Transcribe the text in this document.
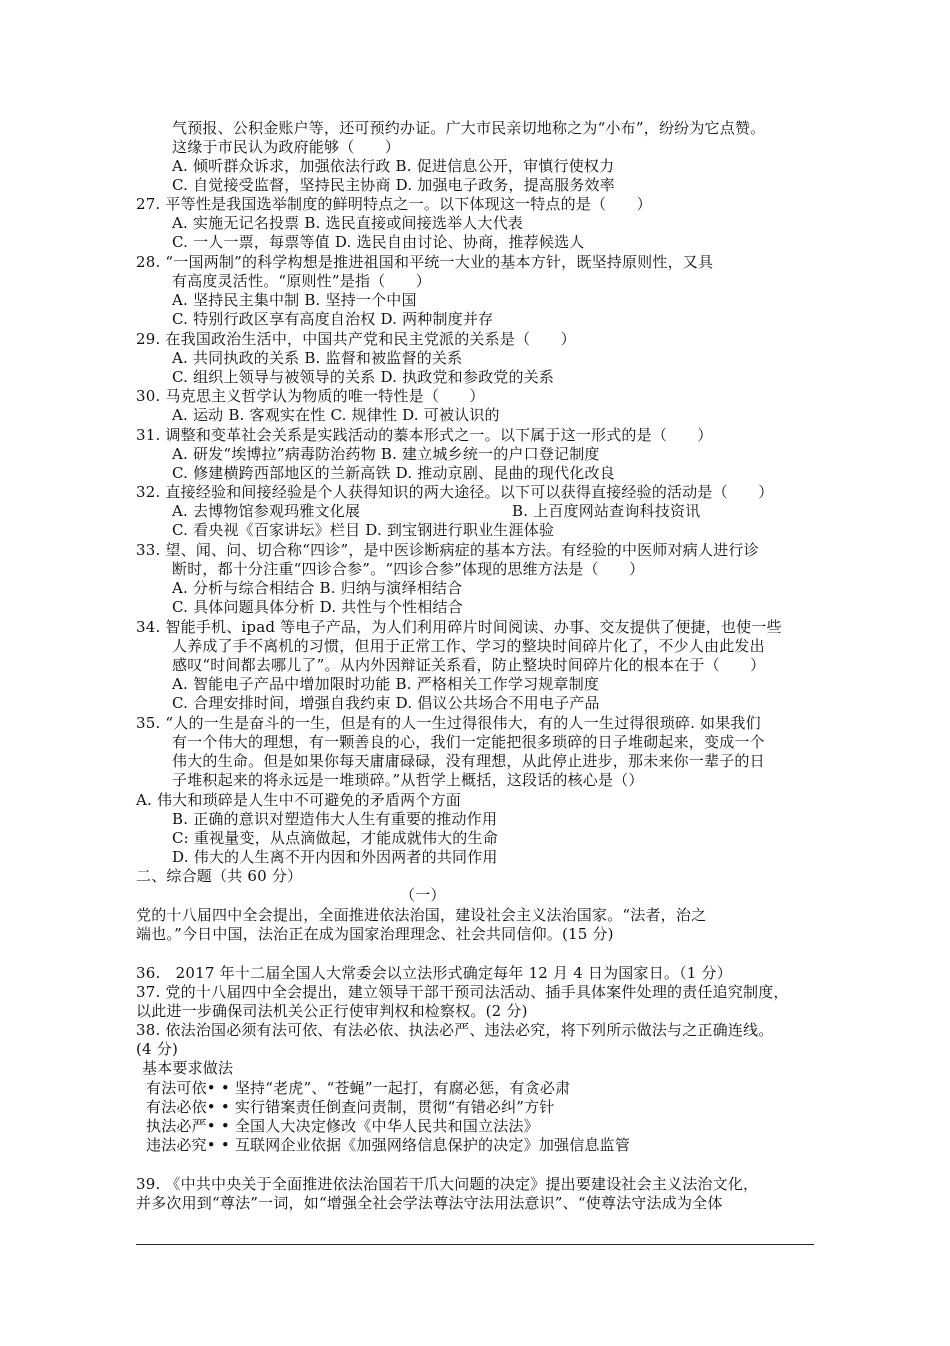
气预报、公积金账户等，还可预约办证。广大市民亲切地称之为“小布”，纷纷为它点赞。
这缘于市民认为政府能够（　　）
A. 倾听群众诉求，加强依法行政 B. 促进信息公开，审慎行使权力
C. 自觉接受监督，坚持民主协商 D. 加强电子政务，提高服务效率
27. 平等性是我国选举制度的鲜明特点之一。以下体现这一特点的是（　　）
A. 实施无记名投票 B. 选民直接或间接选举人大代表
C. 一人一票，每票等值 D. 选民自由讨论、协商，推荐候选人
28. “一国两制”的科学构想是推进祖国和平统一大业的基本方针，既坚持原则性，又具
有高度灵活性。“原则性”是指（　　）
A. 坚持民主集中制 B. 坚持一个中国
C. 特别行政区享有高度自治权 D. 两种制度并存
29. 在我国政治生活中，中国共产党和民主党派的关系是（　　）
A. 共同执政的关系 B. 监督和被监督的关系
C. 组织上领导与被领导的关系 D. 执政党和参政党的关系
30. 马克思主义哲学认为物质的唯一特性是（　　）
A. 运动 B. 客观实在性 C. 规律性 D. 可被认识的
31. 调整和变革社会关系是实践活动的蓁本形式之一。以下属于这一形式的是（　　）
A. 研发“埃博拉”病毒防治药物 B. 建立城乡统一的户口登记制度
C. 修建横跨西部地区的兰新高铁 D. 推动京剧、昆曲的现代化改良
32. 直接经验和间接经验是个人获得知识的两大途径。以下可以获得直接经验的活动是（　　）
A. 去博物馆参观玛雅文化展	B. 上百度网站查询科技资讯
C. 看央视《百家讲坛》栏目 D. 到宝钢进行职业生涯体验
33. 望、闻、问、切合称“四诊”，是中医诊断病症的基本方法。有经验的中医师对病人进行诊
断时，都十分注重“四诊合参”。“四诊合参”体现的思维方法是（　　）
A. 分析与综合相结合 B. 归纳与演绎相结合
C. 具体问题具体分析 D. 共性与个性相结合
34. 智能手机、ipad 等电子产品，为人们利用碎片时间阅读、办事、交友提供了便捷，也使一些
人养成了手不离机的习惯，但用于正常工作、学习的整块时间碎片化了，不少人由此发出
感叹“时间都去哪儿了”。从内外因辩证关系看，防止整块时间碎片化的根本在于（　　）
A. 智能电子产品中增加限时功能 B. 严格相关工作学习规章制度
C. 合理安排时间，增强自我约束 D. 倡议公共场合不用电子产品
35. “人的一生是奋斗的一生，但是有的人一生过得很伟大，有的人一生过得很琐碎. 如果我们
有一个伟大的理想，有一颗善良的心，我们一定能把很多琐碎的日子堆砌起来，变成一个
伟大的生命。但是如果你每天庸庸碌碌，没有理想，从此停止进步，那未来你一辈子的日
子堆积起来的将永远是一堆琐碎。”从哲学上概括，这段话的核心是（）
A. 伟大和琐碎是人生中不可避免的矛盾两个方面
B. 正确的意识对塑造伟大人生有重要的推动作用
C: 重视量变，从点滴做起，才能成就伟大的生命
D. 伟大的人生离不开内因和外因两者的共同作用
二、综合题（共 60 分）
（一）
党的十八届四中全会提出，全面推进依法治国，建设社会主义法治国家。“法者，治之
端也。”今日中国，法治正在成为国家治理理念、社会共同信仰。(15 分)
36.　2017 年十二届全国人大常委会以立法形式确定每年 12 月 4 日为国家日。（1 分）
37. 党的十八届四中全会提出，建立领导干部干预司法活动、插手具体案件处理的责任追究制度，
以此进一步确保司法机关公正行使审判权和检察权。(2 分)
38. 依法治国必须有法可依、有法必依、执法必严、违法必究，将下列所示做法与之正确连线。
(4 分)
基本要求做法
有法可依• • 坚持“老虎”、“苍蝇”一起打，有腐必惩，有贪必肃
有法必依• • 实行错案责任倒查问责制，贯彻“有错必纠”方针
执法必严• • 全国人大决定修改《中华人民共和国立法法》
违法必究• • 互联网企业依据《加强网络信息保护的决定》加强信息监管
39. 《中共中央关于全面推进依法治国若干爪大问题的决定》提出要建设社会主义法治文化，
并多次用到“尊法”一词，如“增强全社会学法尊法守法用法意识”、“使尊法守法成为全体
